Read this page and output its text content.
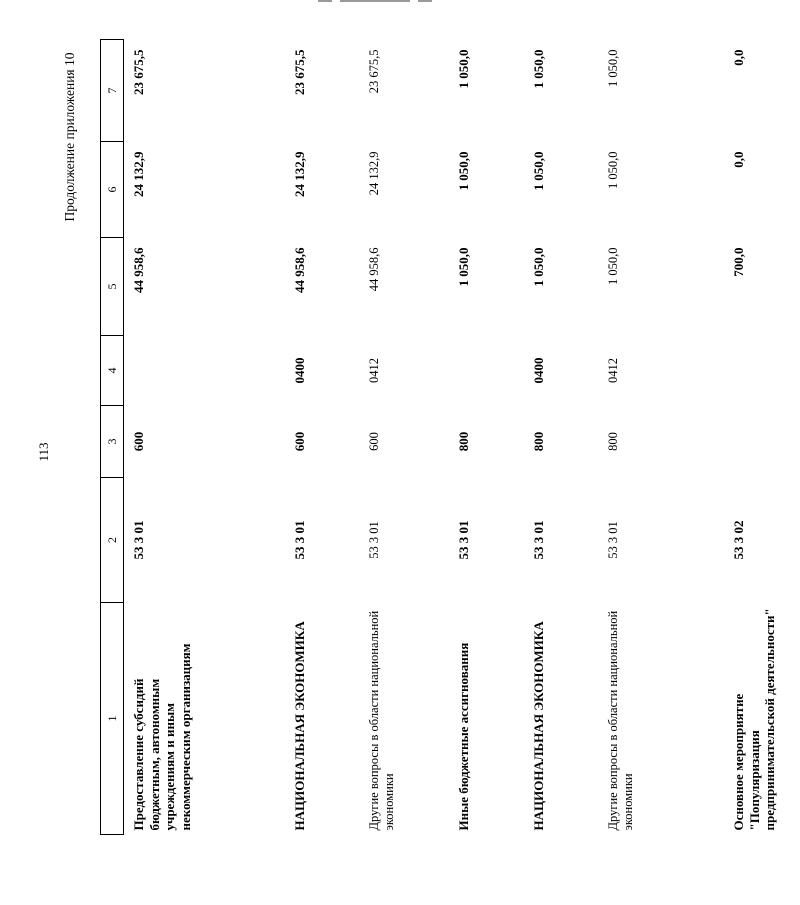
113
Продолжение приложения 10
1	2	3	4	5	6	7
Предоставление субсидий бюджетным, автономным учреждениям и иным некоммерческим организациям	53 3 01	600		44 958,6	24 132,9	23 675,5
НАЦИОНАЛЬНАЯ ЭКОНОМИКА	53 3 01	600	0400	44 958,6	24 132,9	23 675,5
Другие вопросы в области национальной экономики	53 3 01	600	0412	44 958,6	24 132,9	23 675,5
Иные бюджетные ассигнования	53 3 01	800		1 050,0	1 050,0	1 050,0
НАЦИОНАЛЬНАЯ ЭКОНОМИКА	53 3 01	800	0400	1 050,0	1 050,0	1 050,0
Другие вопросы в области национальной экономики	53 3 01	800	0412	1 050,0	1 050,0	1 050,0
Основное мероприятие "Популяризация предпринимательской деятельности"	53 3 02			700,0	0,0	0,0
